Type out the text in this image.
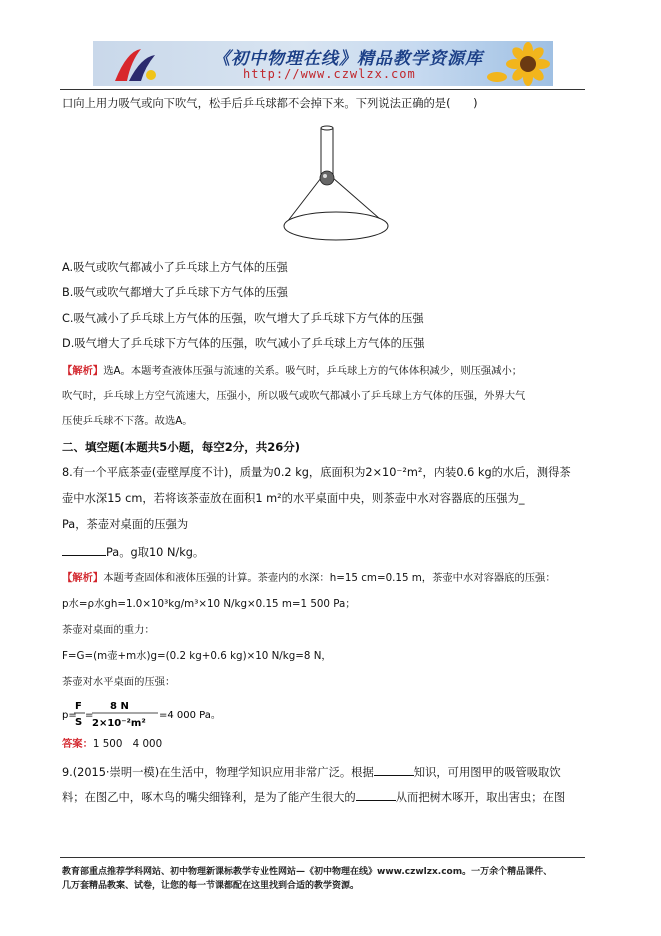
《初中物理在线》精品教学资源库
http://www.czwlzx.com
口向上用力吸气或向下吹气，松手后乒乓球都不会掉下来。下列说法正确的是(　　)
A.吸气或吹气都减小了乒乓球上方气体的压强
B.吸气或吹气都增大了乒乓球下方气体的压强
C.吸气减小了乒乓球上方气体的压强，吹气增大了乒乓球下方气体的压强
D.吸气增大了乒乓球下方气体的压强，吹气减小了乒乓球上方气体的压强
【解析】选A。本题考查液体压强与流速的关系。吸气时，乒乓球上方的气体体积减少，则压强减小；
吹气时，乒乓球上方空气流速大，压强小，所以吸气或吹气都减小了乒乓球上方气体的压强，外界大气
压使乒乓球不下落。故选A。
二、填空题(本题共5小题，每空2分，共26分)
8.有一个平底茶壶(壶壁厚度不计)，质量为0.2 kg，底面积为2×10⁻²m²，内装0.6 kg的水后，测得茶
壶中水深15 cm，若将该茶壶放在面积1 m²的水平桌面中央，则茶壶中水对容器底的压强为_
Pa，茶壶对桌面的压强为
Pa。g取10 N/kg。
【解析】本题考查固体和液体压强的计算。茶壶内的水深：h=15 cm=0.15 m，茶壶中水对容器底的压强：
p水=ρ水gh=1.0×10³kg/m³×10 N/kg×0.15 m=1 500 Pa；
茶壶对桌面的重力：
F=G=(m壶+m水)g=(0.2 kg+0.6 kg)×10 N/kg=8 N，
茶壶对水平桌面的压强：
p=
F
S
=
8 N
2×10⁻²m²
=4 000 Pa。
答案：1 500　4 000
9.(2015·崇明一模)在生活中，物理学知识应用非常广泛。根据	知识，可用图甲的吸管吸取饮
料；在图乙中，啄木鸟的嘴尖细锋利，是为了能产生很大的	从而把树木啄开，取出害虫；在图
教育部重点推荐学科网站、初中物理新课标教学专业性网站—《初中物理在线》www.czwlzx.com。一万余个精品课件、
几万套精品教案、试卷，让您的每一节课都配在这里找到合适的教学资源。
